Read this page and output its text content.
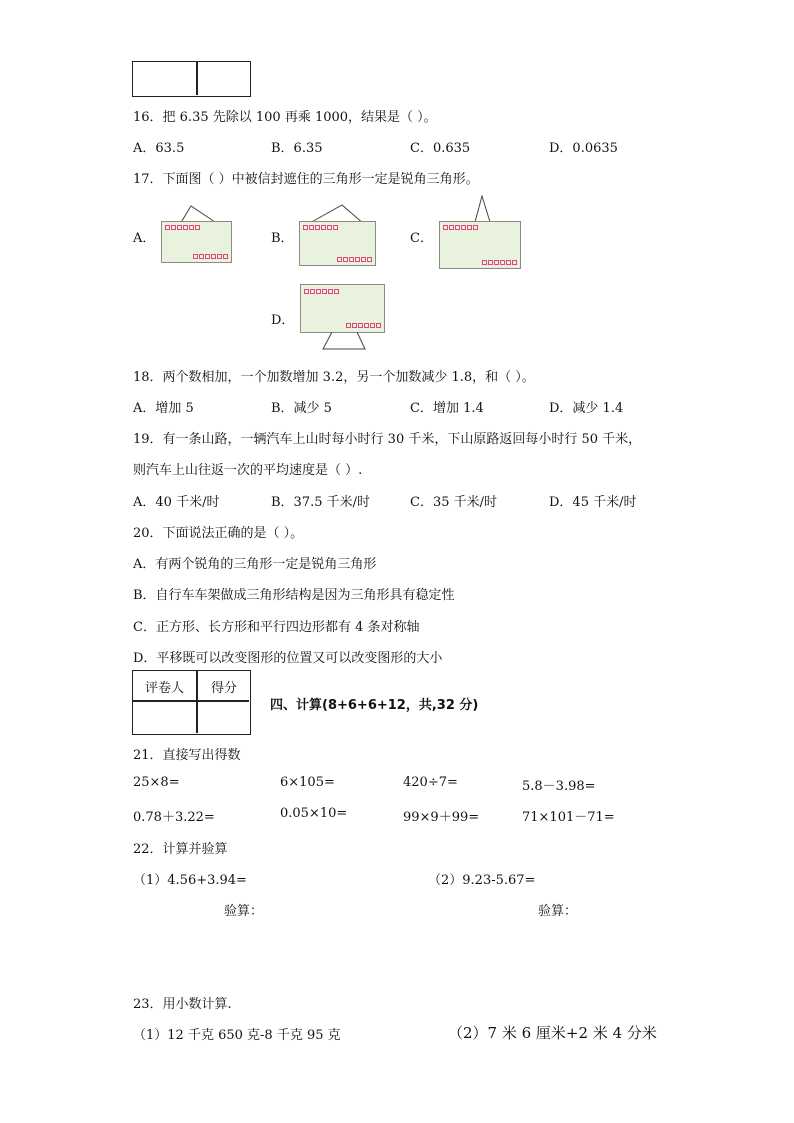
16．把 6.35 先除以 100 再乘 1000，结果是（ ）。
A．63.5	B．6.35	C．0.635	D．0.0635
17．下面图（ ）中被信封遮住的三角形一定是锐角三角形。
A．	B．	C．
D．
18．两个数相加，一个加数增加 3.2，另一个加数减少 1.8，和（ ）。
A．增加 5	B．减少 5	C．增加 1.4	D．减少 1.4
19．有一条山路，一辆汽车上山时每小时行 30 千米，下山原路返回每小时行 50 千米，
则汽车上山往返一次的平均速度是（ ）.
A．40 千米/时	B．37.5 千米/时	C．35 千米/时	D．45 千米/时
20．下面说法正确的是（ ）。
A．有两个锐角的三角形一定是锐角三角形
B．自行车车架做成三角形结构是因为三角形具有稳定性
C．正方形、长方形和平行四边形都有 4 条对称轴
D．平移既可以改变图形的位置又可以改变图形的大小
评卷人	得分
四、计算(8+6+6+12，共,32 分)
21．直接写出得数
25×8=	6×105=	420÷7=	5.8－3.98=
0.78＋3.22=	0.05×10=	99×9＋99=	71×101－71=
22．计算并验算
（1）4.56+3.94=	（2）9.23-5.67=
验算：	验算：
23．用小数计算.
（1）12 千克 650 克-8 千克 95 克	（2）7 米 6 厘米+2 米 4 分米
